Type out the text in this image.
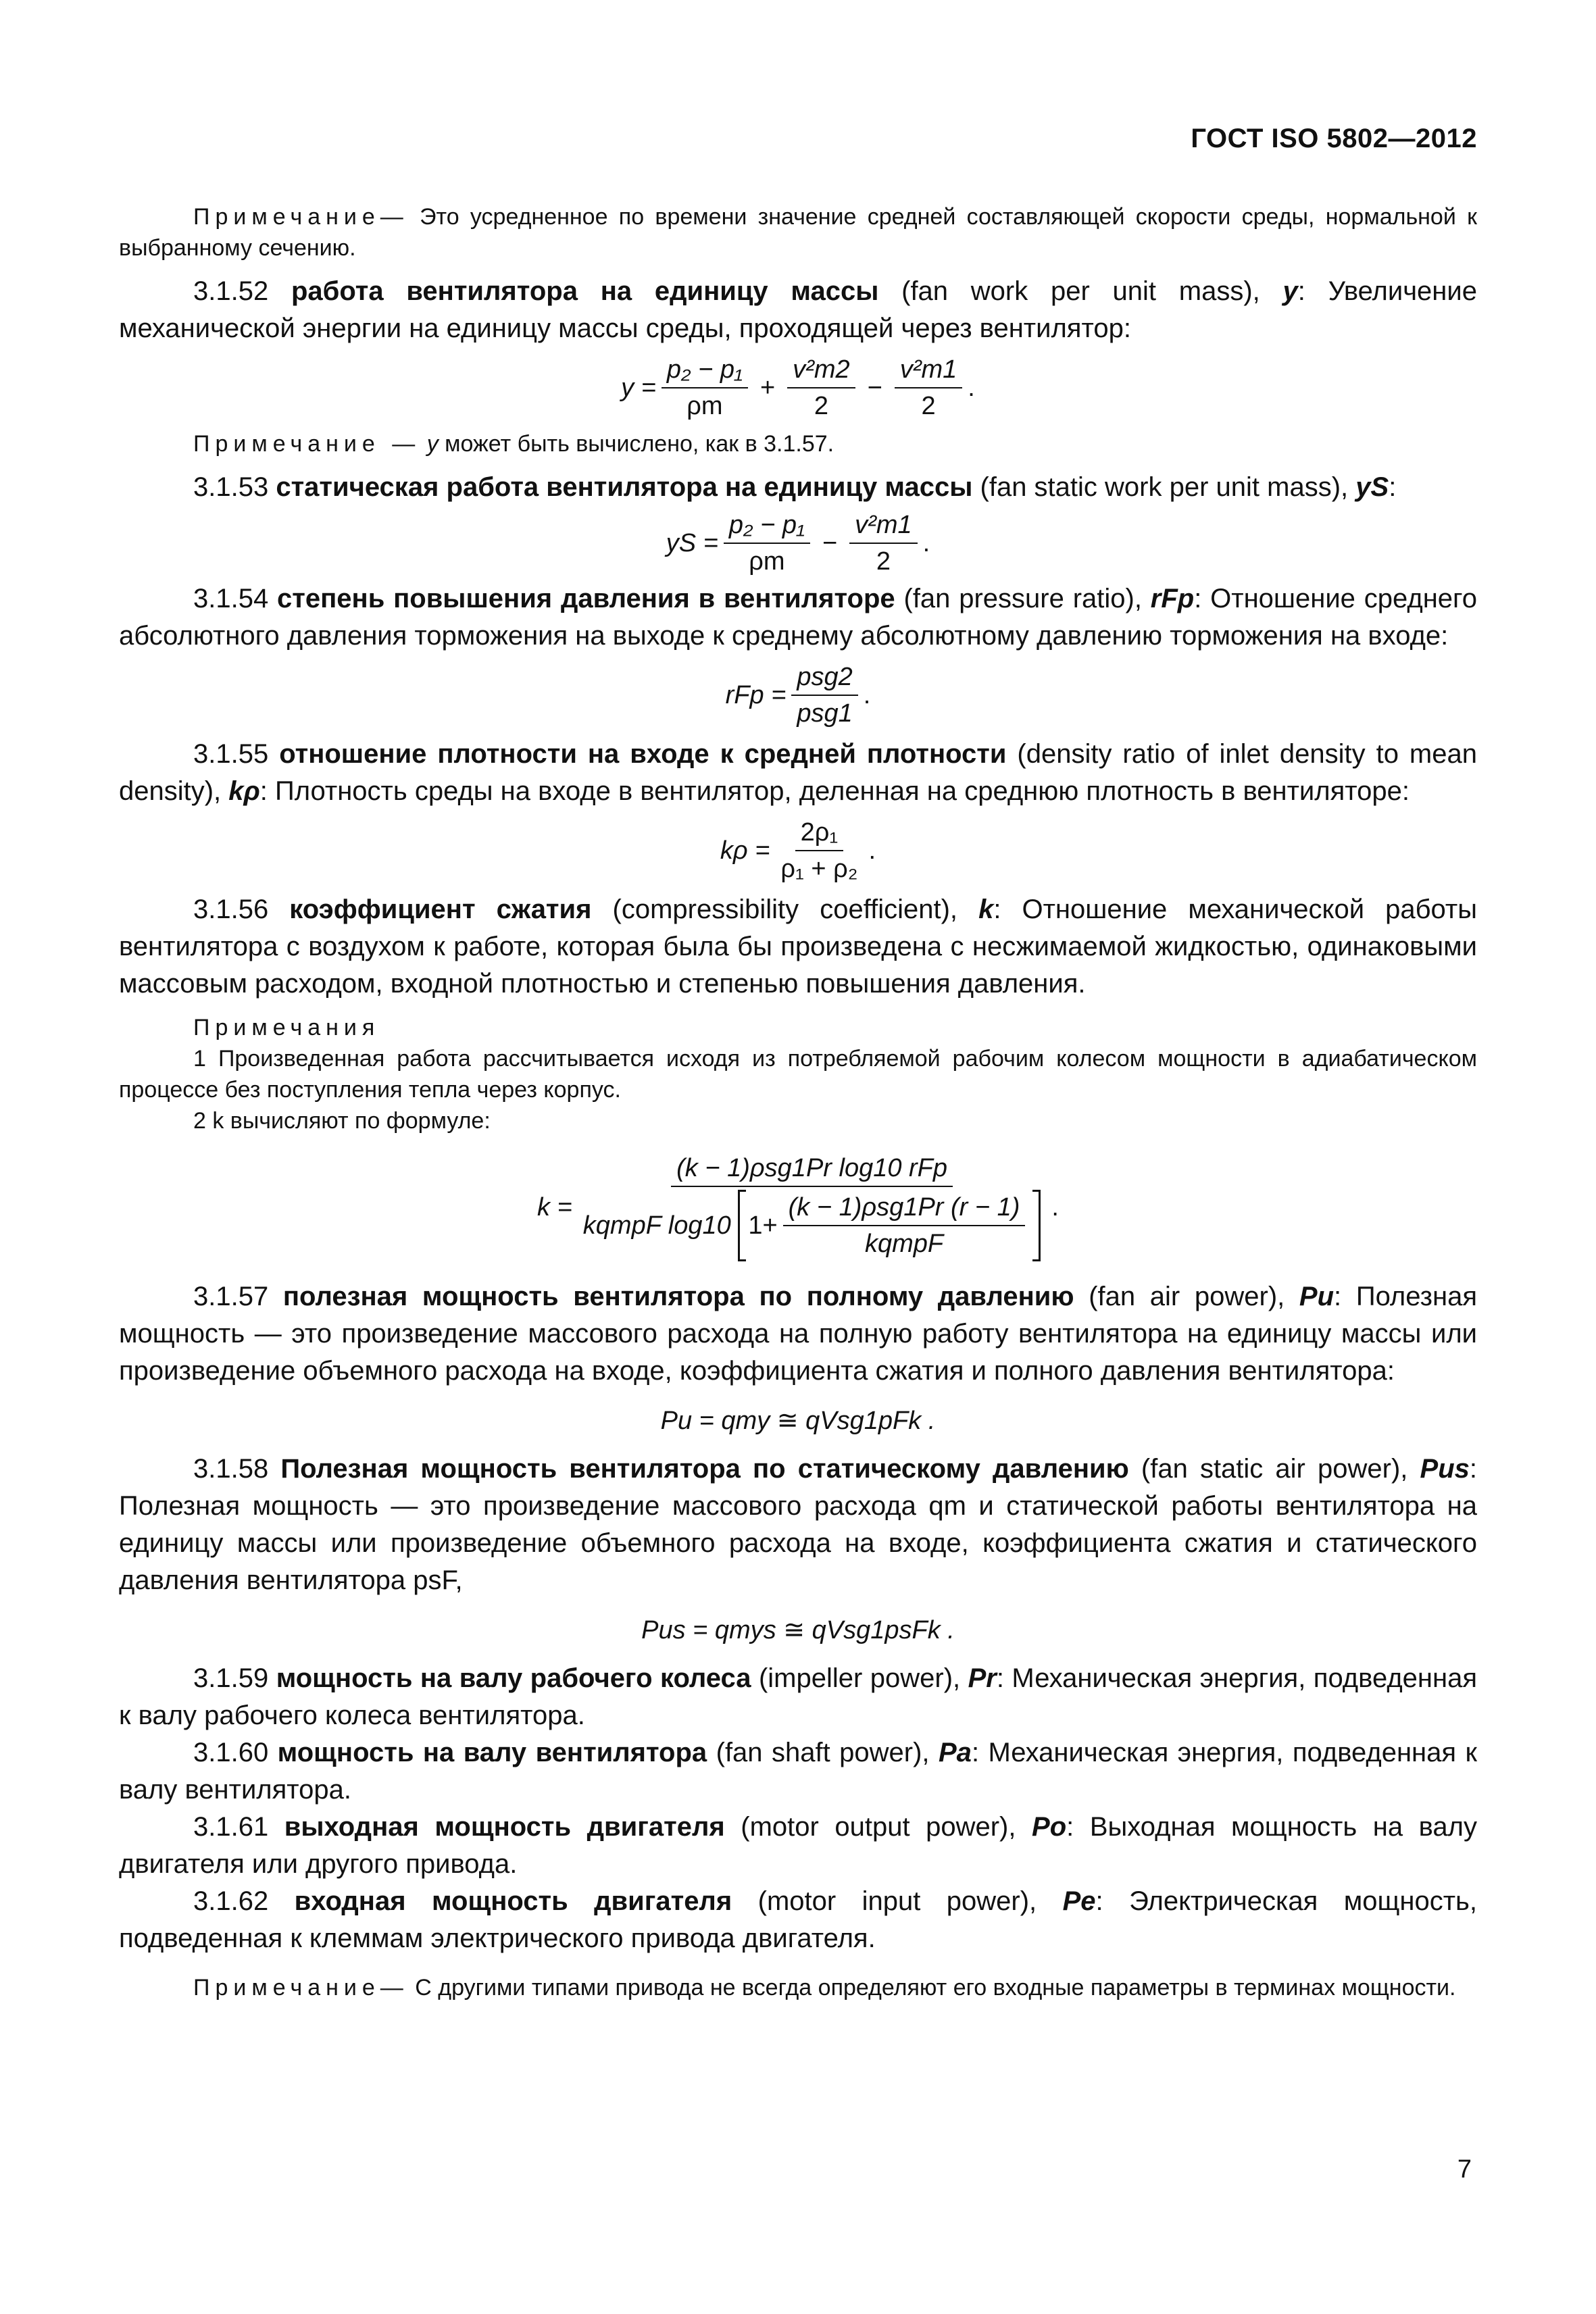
ГОСТ ISO 5802—2012

Примечание— Это усредненное по времени значение средней составляющей скорости среды, нормальной к выбранному сечению.

3.1.52 работа вентилятора на единицу массы (fan work per unit mass), y: Увеличение механической энергии на единицу массы среды, проходящей через вентилятор:

$y = \frac{\text{p₂ − p₁}}{\rho m} + \frac{\text{v²m2}}{2} - \frac{\text{v²m1}}{2}$ .

Примечание — y может быть вычислено, как в 3.1.57.

3.1.53 статическая работа вентилятора на единицу массы (fan static work per unit mass), yS:

yS = $\frac{\text{p₂ − p₁}}{\rho m} - \frac{\text{v²m1}}{2}$ .

3.1.54 степень повышения давления в вентиляторе (fan pressure ratio), rFp: Отношение среднего абсолютного давления торможения на выходе к среднему абсолютному давлению торможения на входе:

rFp = $\frac{\text{psg2}}{\text{psg1}}$ .

3.1.55 отношение плотности на входе к средней плотности (density ratio of inlet density to mean density), kρ: Плотность среды на входе в вентилятор, деленная на среднюю плотность в вентиляторе:

$k\rho = \frac{\text{2ρ₁}}{\text{ρ₁ + ρ₂}}$ .

3.1.56 коэффициент сжатия (compressibility coefficient), k: Отношение механической работы вентилятора с воздухом к работе, которая была бы произведена с несжимаемой жидкостью, одинаковыми массовым расходом, входной плотностью и степенью повышения давления.

Примечания

1 Произведенная работа рассчитывается исходя из потребляемой рабочим колесом мощности в адиабатическом процессе без поступления тепла через корпус.

2 k вычисляют по формуле:

k =
(k − 1)ρsg1Pr log10 rFp
kqmpF log10 $1+ \frac{\text{(k − 1)ρsg1Pr (r − 1)}}{\text{kqmpF}}$ .

3.1.57 полезная мощность вентилятора по полному давлению (fan air power), Pu: Полезная мощность — это произведение массового расхода на полную работу вентилятора на единицу массы или произведение объемного расхода на входе, коэффициента сжатия и полного давления вентилятора:

Pu = qmy ≅ qVsg1pFk .

3.1.58 Полезная мощность вентилятора по статическому давлению (fan static air power), Pus: Полезная мощность — это произведение массового расхода qm и статической работы вентилятора на единицу массы или произведение объемного расхода на входе, коэффициента сжатия и статического давления вентилятора psF,

Pus = qmys ≅ qVsg1psFk .

3.1.59 мощность на валу рабочего колеса (impeller power), Pr: Механическая энергия, подведенная к валу рабочего колеса вентилятора.

3.1.60 мощность на валу вентилятора (fan shaft power), Pa: Механическая энергия, подведенная к валу вентилятора.

3.1.61 выходная мощность двигателя (motor output power), Po: Выходная мощность на валу двигателя или другого привода.

3.1.62 входная мощность двигателя (motor input power), Pe: Электрическая мощность, подведенная к клеммам электрического привода двигателя.

Примечание— С другими типами привода не всегда определяют его входные параметры в терминах мощности.

7
